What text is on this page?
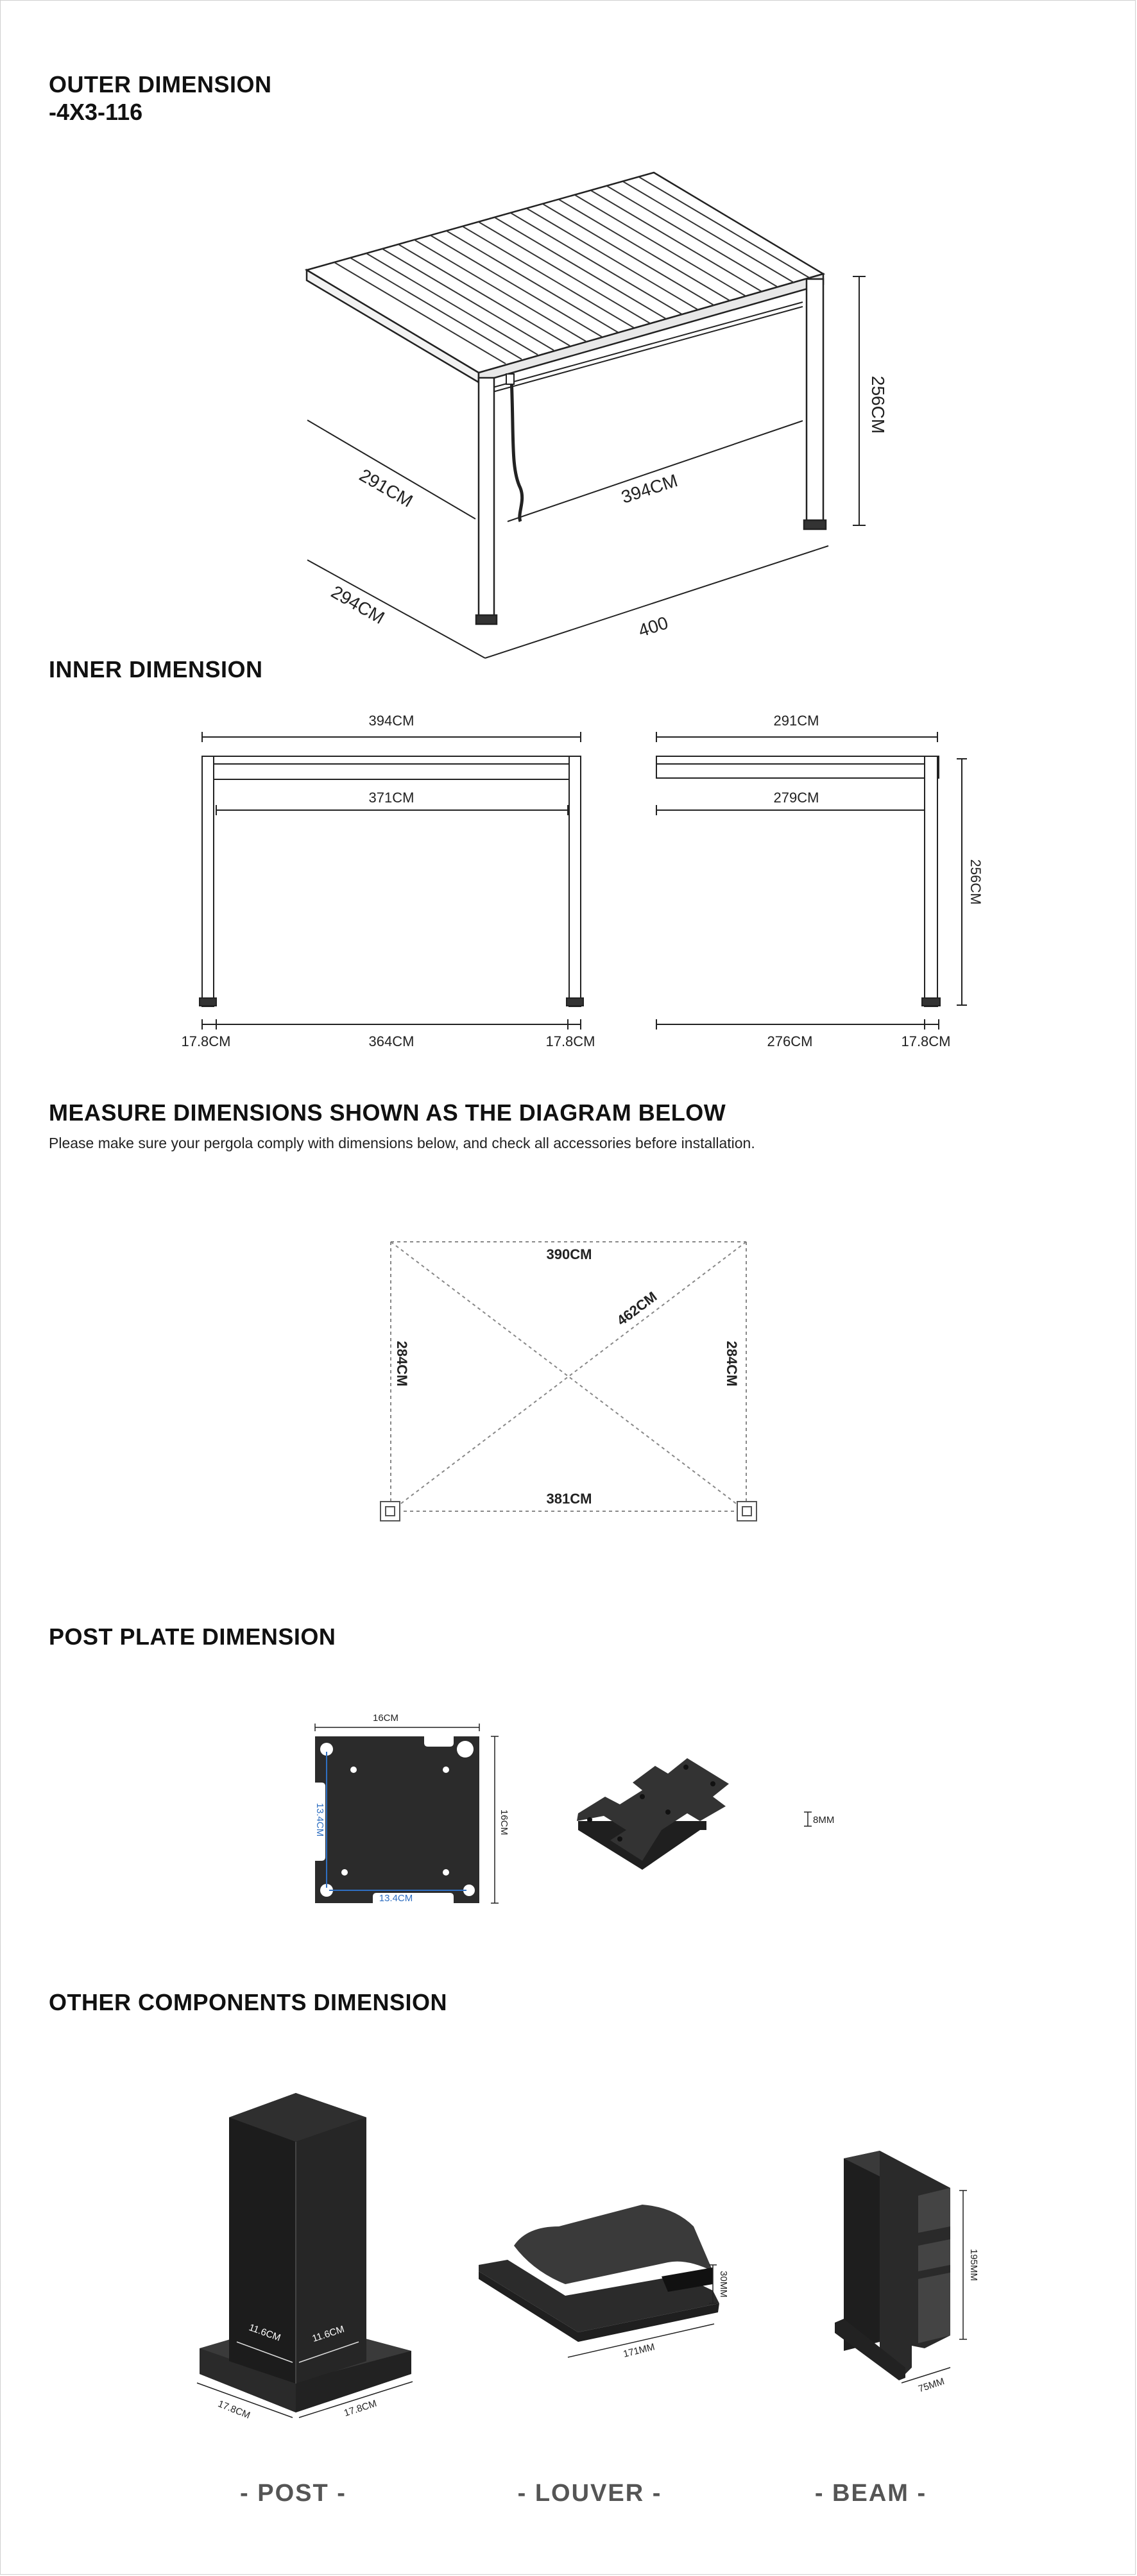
OUTER DIMENSION
-4X3-116
256CM
291CM	394CM
294CM	400
INNER DIMENSION
394CM
371CM
17.8CM	364CM	17.8CM
291CM
279CM
256CM
276CM	17.8CM
MEASURE DIMENSIONS SHOWN AS THE DIAGRAM BELOW
Please make sure your pergola comply with dimensions below, and check all accessories before installation.
390CM
462CM
284CM	284CM
381CM
POST PLATE DIMENSION
16CM
16CM
13.4CM
13.4CM
8MM
OTHER COMPONENTS DIMENSION
11.6CM	11.6CM
17.8CM	17.8CM
30MM
171MM
195MM
75MM
- POST -	- LOUVER -	- BEAM -
